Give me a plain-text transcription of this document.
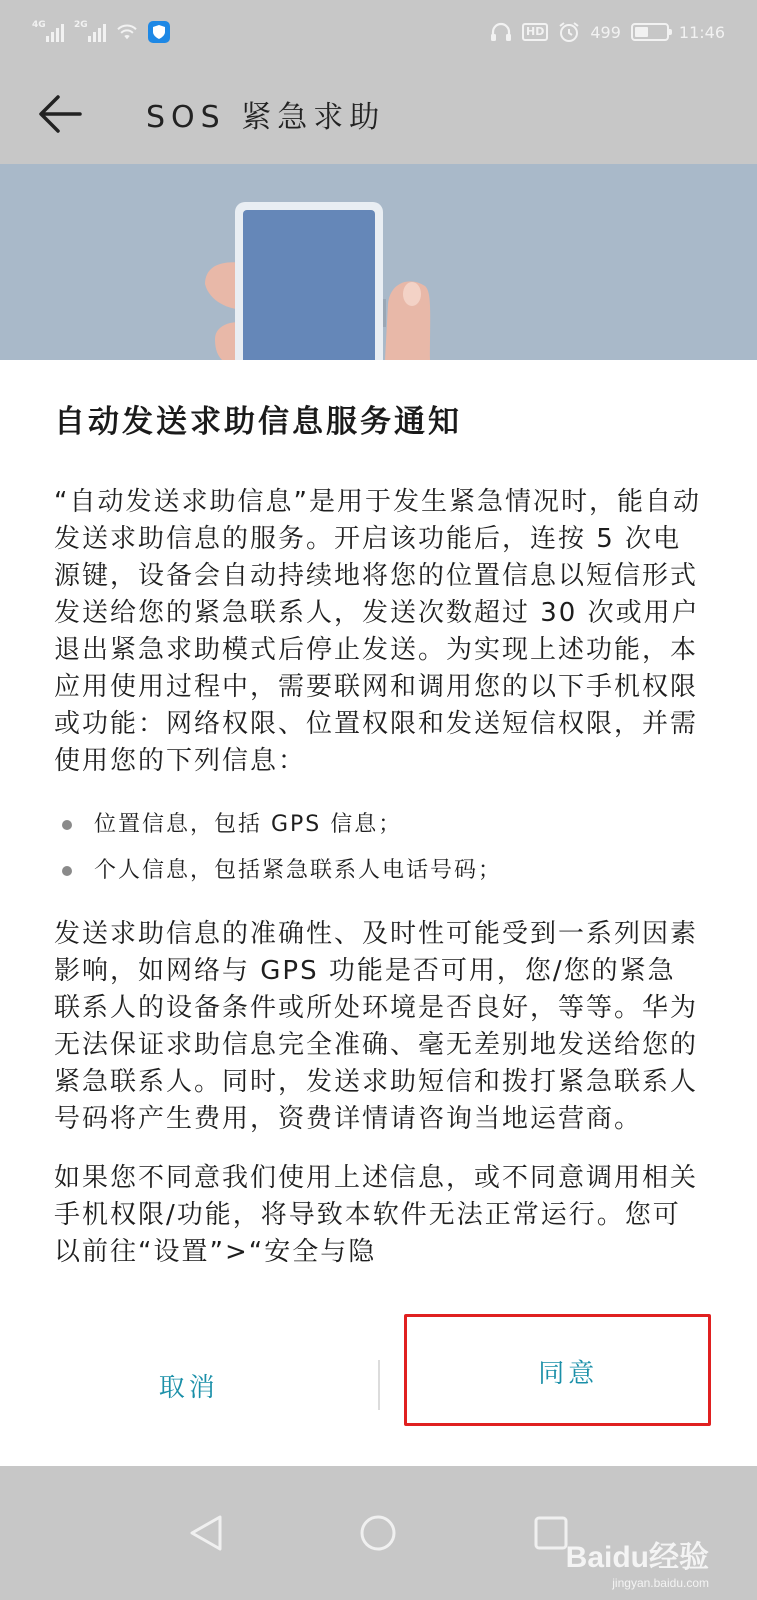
4G	2G	HD	499	11:46
SOS 紧急求助
自动发送求助信息服务通知

“自动发送求助信息”是用于发生紧急情况时，能自动发送求助信息的服务。开启该功能后，连按 5 次电源键，设备会自动持续地将您的位置信息以短信形式发送给您的紧急联系人，发送次数超过 30 次或用户退出紧急求助模式后停止发送。为实现上述功能，本应用使用过程中，需要联网和调用您的以下手机权限或功能：网络权限、位置权限和发送短信权限，并需使用您的下列信息：

位置信息，包括 GPS 信息；
个人信息，包括紧急联系人电话号码；

发送求助信息的准确性、及时性可能受到一系列因素影响，如网络与 GPS 功能是否可用，您/您的紧急联系人的设备条件或所处环境是否良好，等等。华为无法保证求助信息完全准确、毫无差别地发送给您的紧急联系人。同时，发送求助短信和拨打紧急联系人号码将产生费用，资费详情请咨询当地运营商。

如果您不同意我们使用上述信息，或不同意调用相关手机权限/功能，将导致本软件无法正常运行。您可以前往“设置”>“安全与隐

取消	同意
Baidu经验
jingyan.baidu.com
